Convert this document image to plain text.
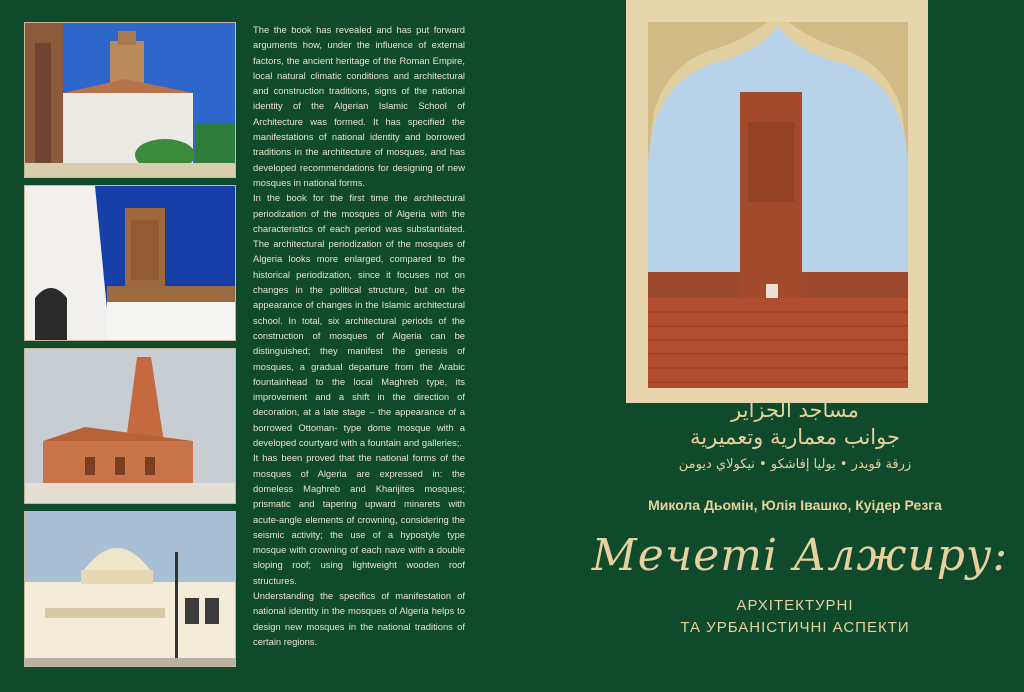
The the book has revealed and has put forward arguments how, under the influence of external factors, the ancient heritage of the Roman Empire, local natural climatic conditions and architectural and construction traditions, signs of the national identity of the Algerian Islamic School of Architecture was formed. It has specified the manifestations of national identity and borrowed traditions in the architecture of mosques, and has developed recommendations for designing of new mosques in national forms.

In the book for the first time the architectural periodization of the mosques of Algeria with the characteristics of each period was substantiated. The architectural periodization of the mosques of Algeria looks more enlarged, compared to the historical periodization, since it focuses not on changes in the political structure, but on the appearance of changes in the Islamic architectural school. In total, six architectural periods of the construction of mosques of Algeria can be distinguished; they manifest the genesis of mosques, a gradual departure from the Arabic fountainhead to the local Maghreb type, its improvement and a shift in the direction of decoration, at a late stage – the appearance of a borrowed Ottoman- type dome mosque with a developed courtyard with a fountain and galleries;.

It has been proved that the national forms of the mosques of Algeria are expressed in: the domeless Maghreb and Kharijites mosques; prismatic and tapering upward minarets with acute-angle elements of crowning, considering the seismic activity; the use of a hypostyle type mosque with crowning of each nave with a double sloping roof; using lightweight wooden roof structures.

Understanding the specifics of manifestation of national identity in the mosques of Algeria helps to design new mosques in the national traditions of certain regions.

مساجد الجزاير
جوانب معمارية وتعميرية
زرقة قويدر • يوليا إفاشكو • نيكولاي ديومن
Микола Дьомін, Юлія Івашко, Куідер Резга
Мечеті Алжиру:
АРХІТЕКТУРНІ
ТА УРБАНІСТИЧНІ АСПЕКТИ
